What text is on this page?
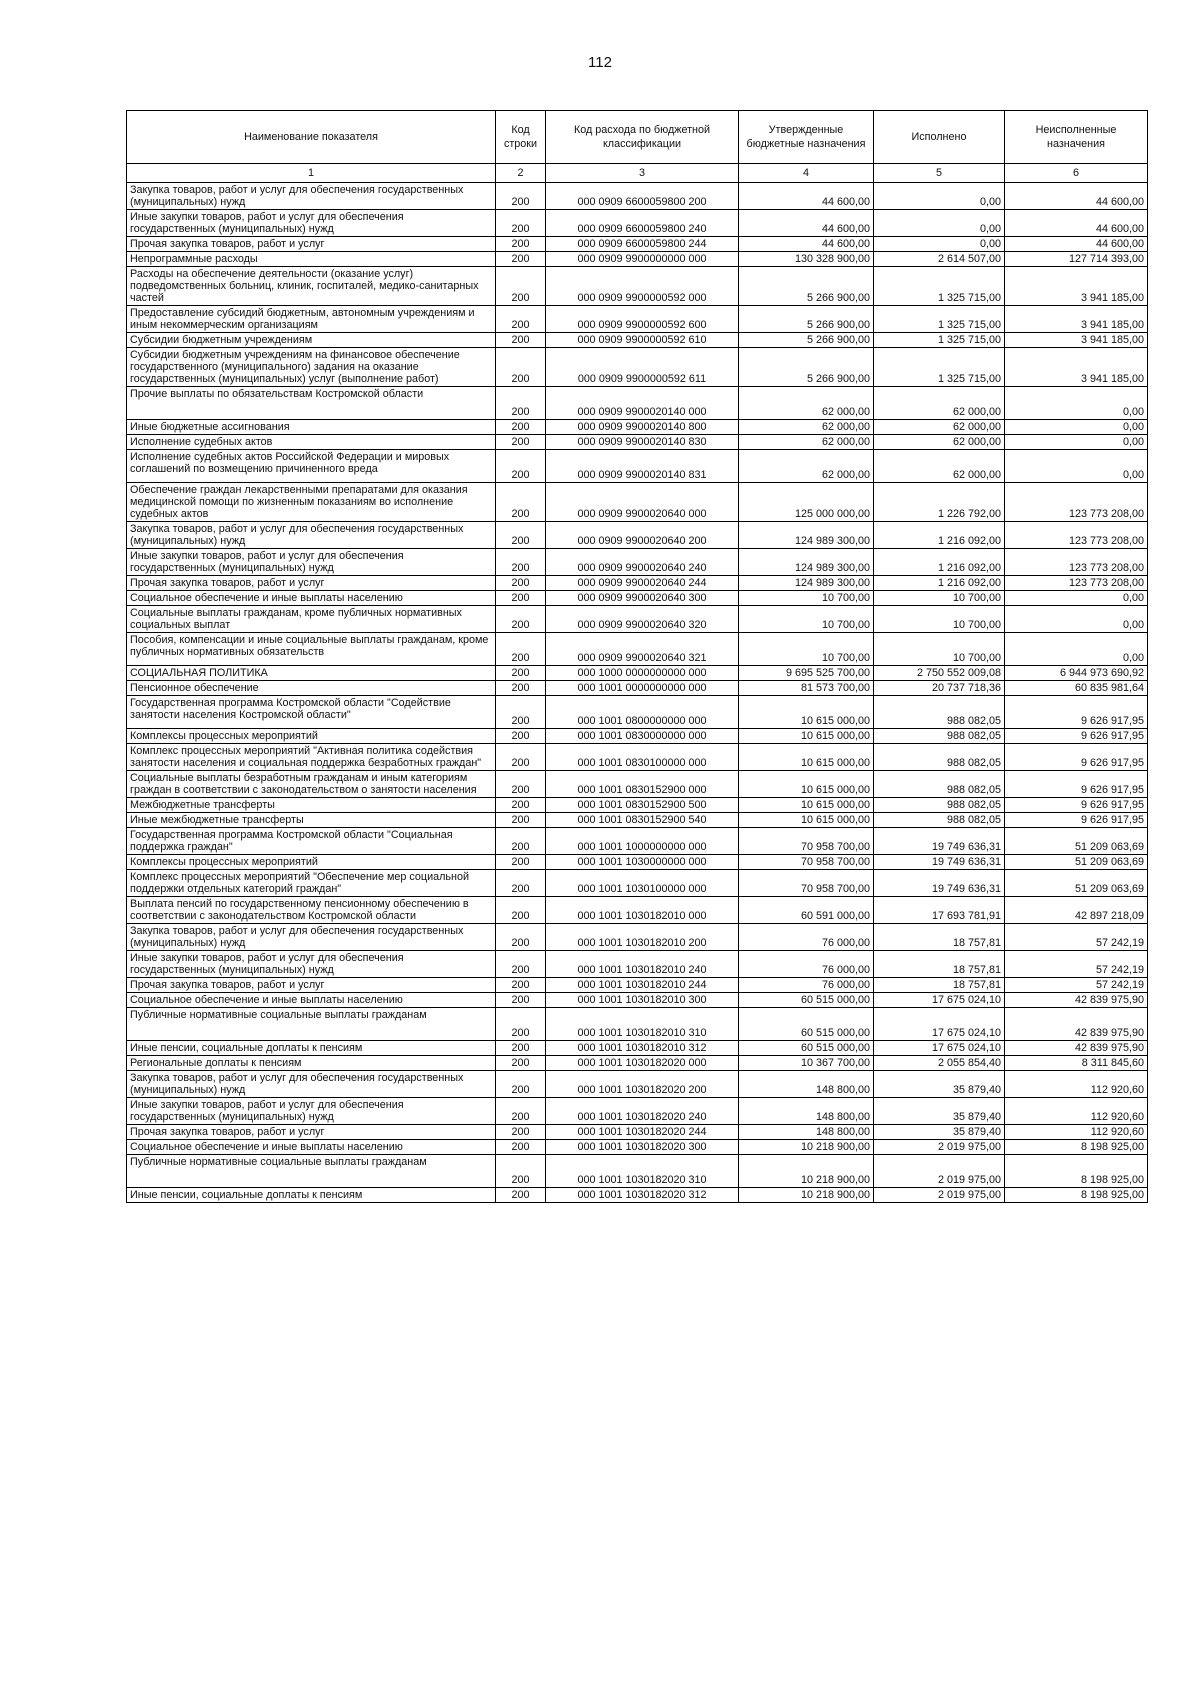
112
Наименование показателя	Код строки	Код расхода по бюджетной классификации	Утвержденные бюджетные назначения	Исполнено	Неисполненные назначения
1	2	3	4	5	6
Закупка товаров, работ и услуг для обеспечения государственных (муниципальных) нужд	200	000 0909 6600059800 200	44 600,00	0,00	44 600,00
Иные закупки товаров, работ и услуг для обеспечения государственных (муниципальных) нужд	200	000 0909 6600059800 240	44 600,00	0,00	44 600,00
Прочая закупка товаров, работ и услуг	200	000 0909 6600059800 244	44 600,00	0,00	44 600,00
Непрограммные расходы	200	000 0909 9900000000 000	130 328 900,00	2 614 507,00	127 714 393,00
Расходы на обеспечение деятельности (оказание услуг) подведомственных больниц, клиник, госпиталей, медико-санитарных частей	200	000 0909 9900000592 000	5 266 900,00	1 325 715,00	3 941 185,00
Предоставление субсидий бюджетным, автономным учреждениям и иным некоммерческим организациям	200	000 0909 9900000592 600	5 266 900,00	1 325 715,00	3 941 185,00
Субсидии бюджетным учреждениям	200	000 0909 9900000592 610	5 266 900,00	1 325 715,00	3 941 185,00
Субсидии бюджетным учреждениям на финансовое обеспечение государственного (муниципального) задания на оказание государственных (муниципальных) услуг (выполнение работ)	200	000 0909 9900000592 611	5 266 900,00	1 325 715,00	3 941 185,00
Прочие выплаты по обязательствам Костромской области	200	000 0909 9900020140 000	62 000,00	62 000,00	0,00
Иные бюджетные ассигнования	200	000 0909 9900020140 800	62 000,00	62 000,00	0,00
Исполнение судебных актов	200	000 0909 9900020140 830	62 000,00	62 000,00	0,00
Исполнение судебных актов Российской Федерации и мировых соглашений по возмещению причиненного вреда	200	000 0909 9900020140 831	62 000,00	62 000,00	0,00
Обеспечение граждан лекарственными препаратами для оказания медицинской помощи по жизненным показаниям во исполнение судебных актов	200	000 0909 9900020640 000	125 000 000,00	1 226 792,00	123 773 208,00
Закупка товаров, работ и услуг для обеспечения государственных (муниципальных) нужд	200	000 0909 9900020640 200	124 989 300,00	1 216 092,00	123 773 208,00
Иные закупки товаров, работ и услуг для обеспечения государственных (муниципальных) нужд	200	000 0909 9900020640 240	124 989 300,00	1 216 092,00	123 773 208,00
Прочая закупка товаров, работ и услуг	200	000 0909 9900020640 244	124 989 300,00	1 216 092,00	123 773 208,00
Социальное обеспечение и иные выплаты населению	200	000 0909 9900020640 300	10 700,00	10 700,00	0,00
Социальные выплаты гражданам, кроме публичных нормативных социальных выплат	200	000 0909 9900020640 320	10 700,00	10 700,00	0,00
Пособия, компенсации и иные социальные выплаты гражданам, кроме публичных нормативных обязательств	200	000 0909 9900020640 321	10 700,00	10 700,00	0,00
СОЦИАЛЬНАЯ ПОЛИТИКА	200	000 1000 0000000000 000	9 695 525 700,00	2 750 552 009,08	6 944 973 690,92
Пенсионное обеспечение	200	000 1001 0000000000 000	81 573 700,00	20 737 718,36	60 835 981,64
Государственная программа Костромской области "Содействие занятости населения Костромской области"	200	000 1001 0800000000 000	10 615 000,00	988 082,05	9 626 917,95
Комплексы процессных мероприятий	200	000 1001 0830000000 000	10 615 000,00	988 082,05	9 626 917,95
Комплекс процессных мероприятий "Активная политика содействия занятости населения и социальная поддержка безработных граждан"	200	000 1001 0830100000 000	10 615 000,00	988 082,05	9 626 917,95
Социальные выплаты безработным гражданам и иным категориям граждан в соответствии с законодательством о занятости населения	200	000 1001 0830152900 000	10 615 000,00	988 082,05	9 626 917,95
Межбюджетные трансферты	200	000 1001 0830152900 500	10 615 000,00	988 082,05	9 626 917,95
Иные межбюджетные трансферты	200	000 1001 0830152900 540	10 615 000,00	988 082,05	9 626 917,95
Государственная программа Костромской области "Социальная поддержка граждан"	200	000 1001 1000000000 000	70 958 700,00	19 749 636,31	51 209 063,69
Комплексы процессных мероприятий	200	000 1001 1030000000 000	70 958 700,00	19 749 636,31	51 209 063,69
Комплекс процессных мероприятий "Обеспечение мер социальной поддержки отдельных категорий граждан"	200	000 1001 1030100000 000	70 958 700,00	19 749 636,31	51 209 063,69
Выплата пенсий по государственному пенсионному обеспечению в соответствии с законодательством Костромской области	200	000 1001 1030182010 000	60 591 000,00	17 693 781,91	42 897 218,09
Закупка товаров, работ и услуг для обеспечения государственных (муниципальных) нужд	200	000 1001 1030182010 200	76 000,00	18 757,81	57 242,19
Иные закупки товаров, работ и услуг для обеспечения государственных (муниципальных) нужд	200	000 1001 1030182010 240	76 000,00	18 757,81	57 242,19
Прочая закупка товаров, работ и услуг	200	000 1001 1030182010 244	76 000,00	18 757,81	57 242,19
Социальное обеспечение и иные выплаты населению	200	000 1001 1030182010 300	60 515 000,00	17 675 024,10	42 839 975,90
Публичные нормативные социальные выплаты гражданам	200	000 1001 1030182010 310	60 515 000,00	17 675 024,10	42 839 975,90
Иные пенсии, социальные доплаты к пенсиям	200	000 1001 1030182010 312	60 515 000,00	17 675 024,10	42 839 975,90
Региональные доплаты к пенсиям	200	000 1001 1030182020 000	10 367 700,00	2 055 854,40	8 311 845,60
Закупка товаров, работ и услуг для обеспечения государственных (муниципальных) нужд	200	000 1001 1030182020 200	148 800,00	35 879,40	112 920,60
Иные закупки товаров, работ и услуг для обеспечения государственных (муниципальных) нужд	200	000 1001 1030182020 240	148 800,00	35 879,40	112 920,60
Прочая закупка товаров, работ и услуг	200	000 1001 1030182020 244	148 800,00	35 879,40	112 920,60
Социальное обеспечение и иные выплаты населению	200	000 1001 1030182020 300	10 218 900,00	2 019 975,00	8 198 925,00
Публичные нормативные социальные выплаты гражданам	200	000 1001 1030182020 310	10 218 900,00	2 019 975,00	8 198 925,00
Иные пенсии, социальные доплаты к пенсиям	200	000 1001 1030182020 312	10 218 900,00	2 019 975,00	8 198 925,00
